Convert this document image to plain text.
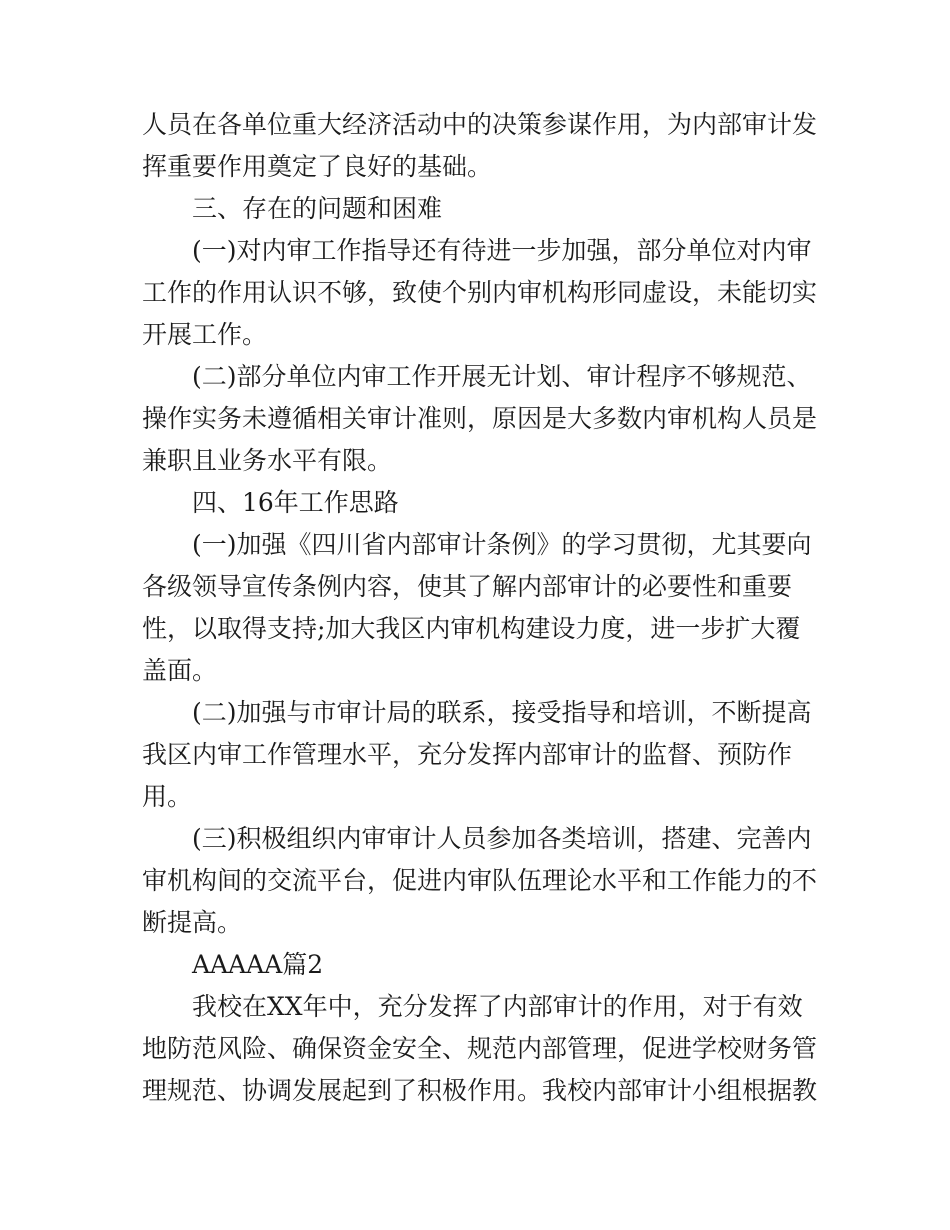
人员在各单位重大经济活动中的决策参谋作用，为内部审计发挥重要作用奠定了良好的基础。

三、存在的问题和困难

(一)对内审工作指导还有待进一步加强，部分单位对内审工作的作用认识不够，致使个别内审机构形同虚设，未能切实开展工作。

(二)部分单位内审工作开展无计划、审计程序不够规范、操作实务未遵循相关审计准则，原因是大多数内审机构人员是兼职且业务水平有限。

四、16年工作思路

(一)加强《四川省内部审计条例》的学习贯彻，尤其要向各级领导宣传条例内容，使其了解内部审计的必要性和重要性，以取得支持;加大我区内审机构建设力度，进一步扩大覆盖面。

(二)加强与市审计局的联系，接受指导和培训，不断提高我区内审工作管理水平，充分发挥内部审计的监督、预防作用。

(三)积极组织内审审计人员参加各类培训，搭建、完善内审机构间的交流平台，促进内审队伍理论水平和工作能力的不断提高。

AAAAA篇2

我校在XX年中，充分发挥了内部审计的作用，对于有效地防范风险、确保资金安全、规范内部管理，促进学校财务管理规范、协调发展起到了积极作用。我校内部审计小组根据教
